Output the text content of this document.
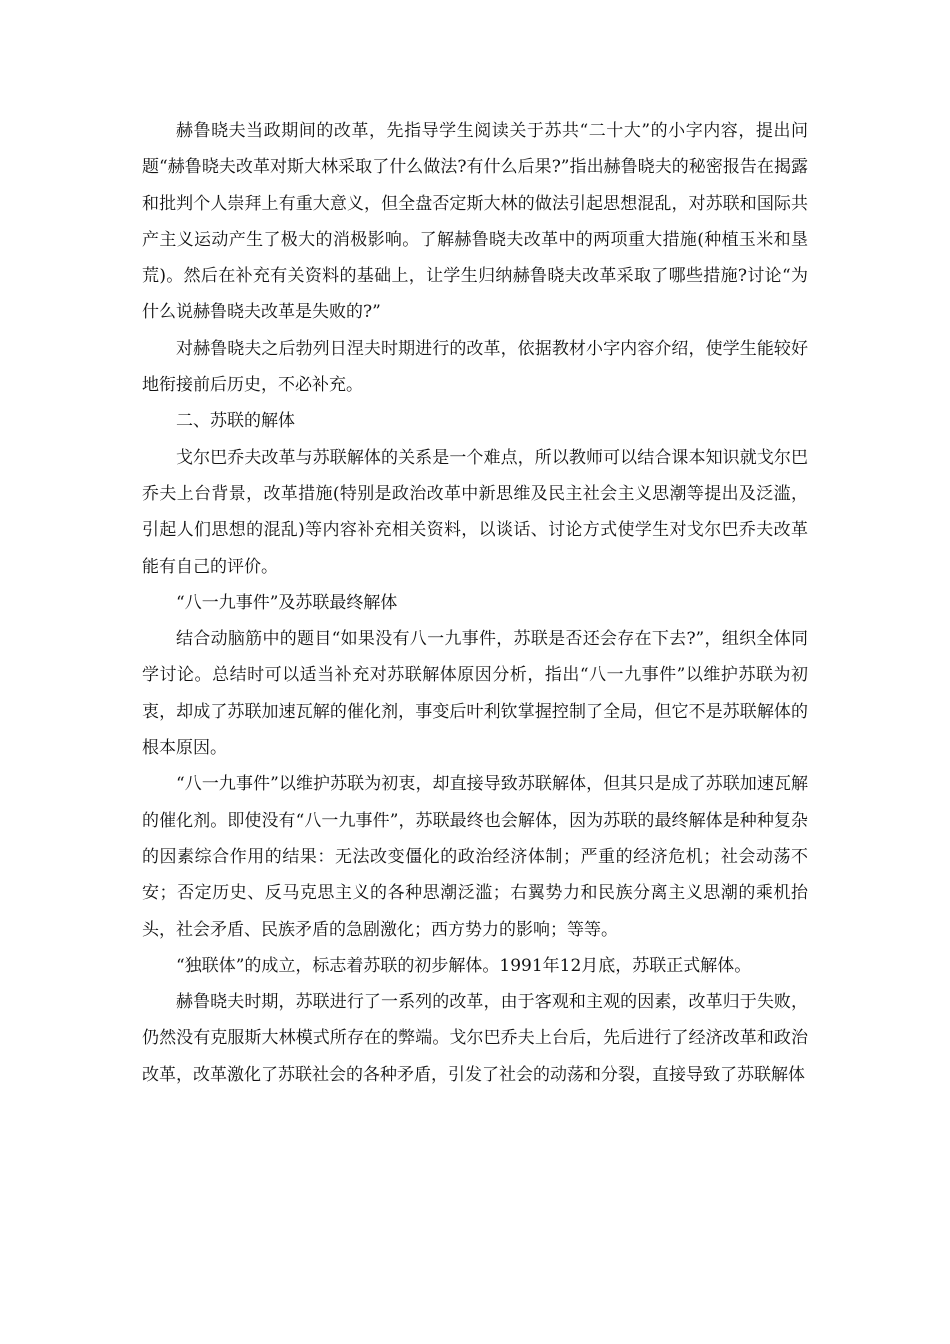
赫鲁晓夫当政期间的改革，先指导学生阅读关于苏共“二十大”的小字内容，提出问题“赫鲁晓夫改革对斯大林采取了什么做法?有什么后果?”指出赫鲁晓夫的秘密报告在揭露和批判个人崇拜上有重大意义，但全盘否定斯大林的做法引起思想混乱，对苏联和国际共产主义运动产生了极大的消极影响。了解赫鲁晓夫改革中的两项重大措施(种植玉米和垦荒)。然后在补充有关资料的基础上，让学生归纳赫鲁晓夫改革采取了哪些措施?讨论“为什么说赫鲁晓夫改革是失败的?”

对赫鲁晓夫之后勃列日涅夫时期进行的改革，依据教材小字内容介绍，使学生能较好地衔接前后历史，不必补充。

二、苏联的解体

戈尔巴乔夫改革与苏联解体的关系是一个难点，所以教师可以结合课本知识就戈尔巴乔夫上台背景，改革措施(特别是政治改革中新思维及民主社会主义思潮等提出及泛滥，引起人们思想的混乱)等内容补充相关资料，以谈话、讨论方式使学生对戈尔巴乔夫改革能有自己的评价。

“八一九事件”及苏联最终解体

结合动脑筋中的题目“如果没有八一九事件，苏联是否还会存在下去?”，组织全体同学讨论。总结时可以适当补充对苏联解体原因分析，指出“八一九事件”以维护苏联为初衷，却成了苏联加速瓦解的催化剂，事变后叶利钦掌握控制了全局，但它不是苏联解体的根本原因。

“八一九事件”以维护苏联为初衷，却直接导致苏联解体，但其只是成了苏联加速瓦解的催化剂。即使没有“八一九事件”，苏联最终也会解体，因为苏联的最终解体是种种复杂的因素综合作用的结果：无法改变僵化的政治经济体制；严重的经济危机；社会动荡不安；否定历史、反马克思主义的各种思潮泛滥；右翼势力和民族分离主义思潮的乘机抬头，社会矛盾、民族矛盾的急剧激化；西方势力的影响；等等。

“独联体”的成立，标志着苏联的初步解体。1991年12月底，苏联正式解体。

赫鲁晓夫时期，苏联进行了一系列的改革，由于客观和主观的因素，改革归于失败，仍然没有克服斯大林模式所存在的弊端。戈尔巴乔夫上台后，先后进行了经济改革和政治改革，改革激化了苏联社会的各种矛盾，引发了社会的动荡和分裂，直接导致了苏联解体
